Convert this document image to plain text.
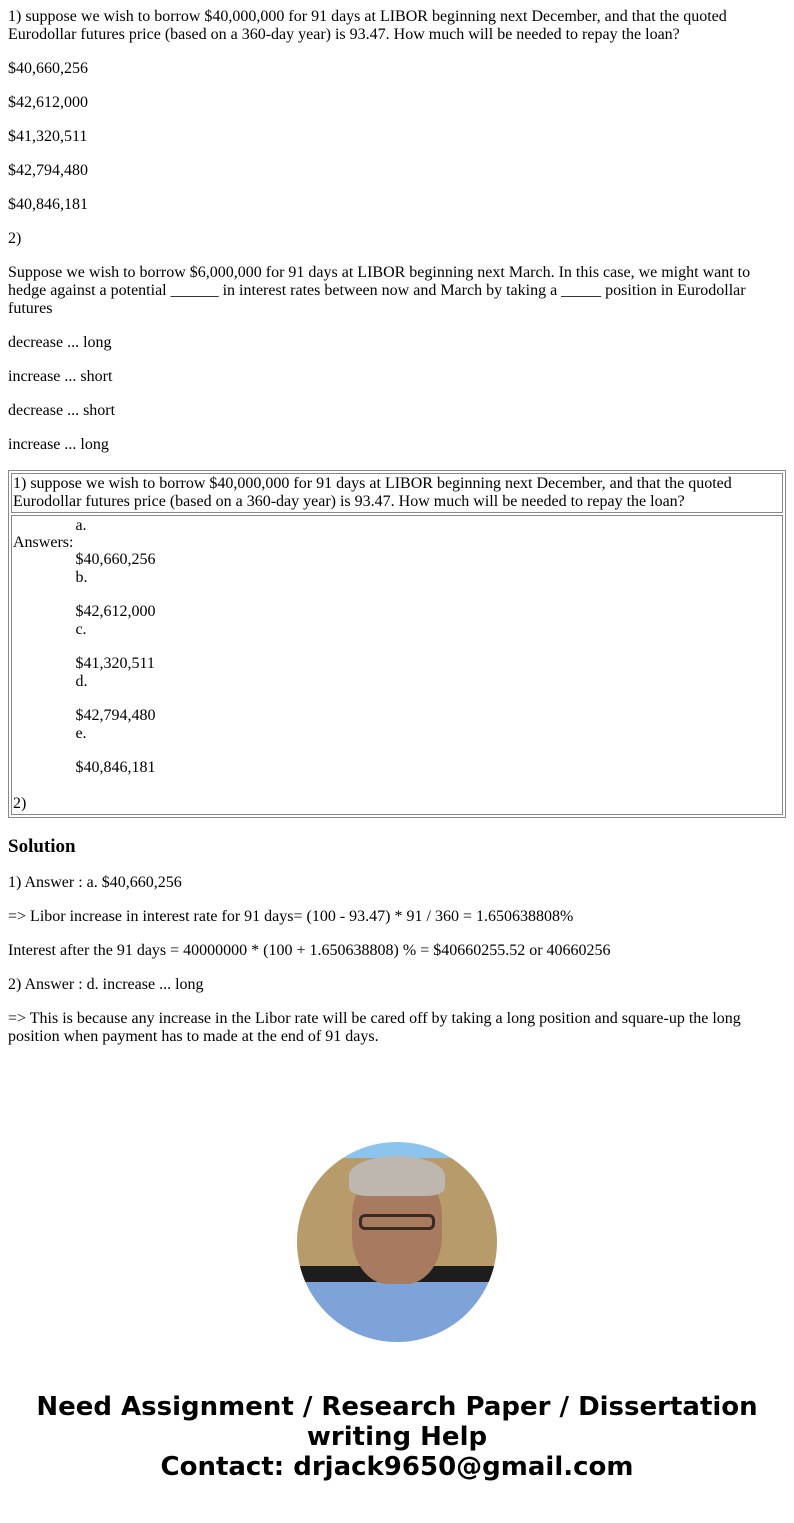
1) suppose we wish to borrow $40,000,000 for 91 days at LIBOR beginning next December, and that the quoted Eurodollar futures price (based on a 360-day year) is 93.47. How much will be needed to repay the loan?

$40,660,256

$42,612,000

$41,320,511

$42,794,480

$40,846,181

2)

Suppose we wish to borrow $6,000,000 for 91 days at LIBOR beginning next March. In this case, we might want to hedge against a potential ______ in interest rates between now and March by taking a _____ position in Eurodollar futures

decrease ... long

increase ... short

decrease ... short

increase ... long

1) suppose we wish to borrow $40,000,000 for 91 days at LIBOR beginning next December, and that the quoted Eurodollar futures price (based on a 360-day year) is 93.47. How much will be needed to repay the loan?

Answers:	
a.
$40,660,256

b.
$42,612,000

c.
$41,320,511

d.
$42,794,480

e.
$40,846,181
2)
Solution

1) Answer : a. $40,660,256

=> Libor increase in interest rate for 91 days= (100 - 93.47) * 91 / 360 = 1.650638808%

Interest after the 91 days = 40000000 * (100 + 1.650638808) % = $40660255.52 or 40660256

2) Answer : d. increase ... long

=> This is because any increase in the Libor rate will be cared off by taking a long position and square-up the long position when payment has to made at the end of 91 days.

Need Assignment / Research Paper / Dissertation writing Help
Contact: drjack9650@gmail.com
